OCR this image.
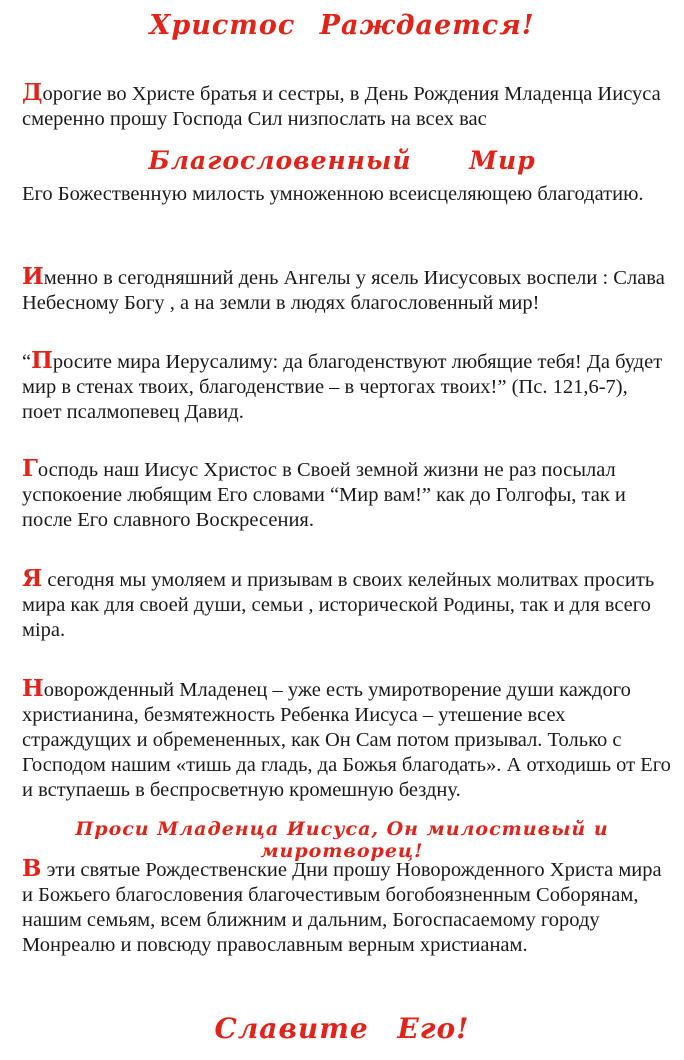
Христос Раждается!

Дорогие во Христе братья и сестры, в День Рождения Младенца Иисуса смеренно прошу Господа Сил низпослать на всех вас

Благословенный Мир

Его Божественную милость умноженною всеисцеляющею благодатию.

Именно в сегодняшний день Ангелы у ясель Иисусовых воспели : Слава Небесному Богу , а на земли в людях благословенный мир!

“Просите мира Иерусалиму: да благоденствуют любящие тебя! Да будет мир в стенах твоих, благоденствие – в чертогах твоих!” (Пс. 121,6-7), поет псалмопевец Давид.

Господь наш Иисус Христос в Своей земной жизни не раз посылал успокоение любящим Его словами “Мир вам!” как до Голгофы, так и после Его славного Воскресения.

Я сегодня мы умоляем и призывам в своих келейных молитвах просить мира как для своей души, семьи , исторической Родины, так и для всего міра.

Новорожденный Младенец – уже есть умиротворение души каждого христианина, безмятежность Ребенка Иисуса – утешение всех страждущих и обремененных, как Он Сам потом призывал. Только с Господом нашим «тишь да гладь, да Божья благодать». А отходишь от Его и вступаешь в беспросветную кромешную бездну.

Проси Младенца Иисуса, Он милостивый и миротворец!

В эти святые Рождественские Дни прошу Новорожденного Христа мира и Божьего благословения благочестивым богобоязненным Соборянам, нашим семьям, всем ближним и дальним, Богоспасаемому городу Монреалю и повсюду православным верным христианам.

Славите Его!
